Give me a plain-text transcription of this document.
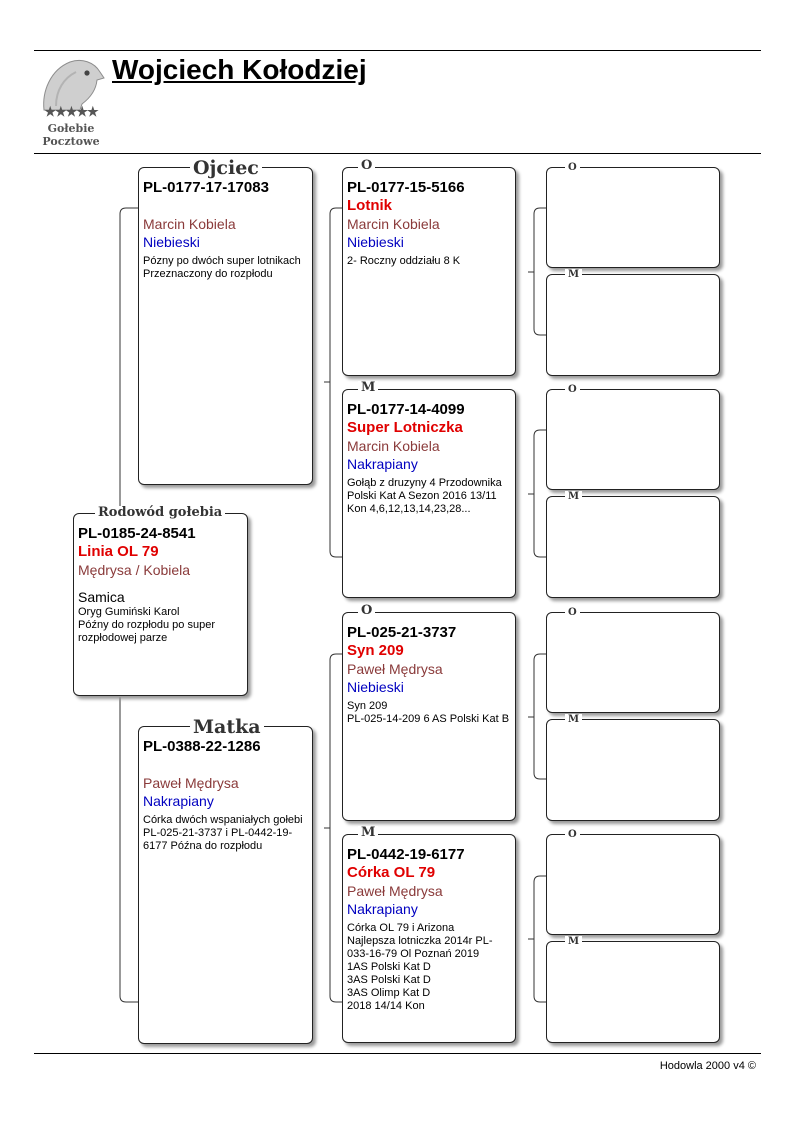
★★★★★
Gołebie
Pocztowe
Wojciech Kołodziej
PL-0185-24-8541
Linia OL 79
Mędrysa / Kobiela
Samica
Oryg Gumiński Karol
Późny do rozpłodu po super rozpłodowej parze
Rodowód gołebia
PL-0177-17-17083
Marcin Kobiela
Niebieski
Pózny po dwóch super lotnikach Przeznaczony do rozpłodu
Ojciec
PL-0388-22-1286
Paweł Mędrysa
Nakrapiany
Córka dwóch wspaniałych gołebi PL-025-21-3737 i PL-0442-19-6177 Późna do rozpłodu
Matka
PL-0177-15-5166
Lotnik
Marcin Kobiela
Niebieski
2- Roczny oddziału 8 K
O
PL-0177-14-4099
Super Lotniczka
Marcin Kobiela
Nakrapiany
Gołąb z druzyny 4 Przodownika
Polski Kat A Sezon 2016 13/11 Kon 4,6,12,13,14,23,28...
M
PL-025-21-3737
Syn 209
Paweł Mędrysa
Niebieski
Syn 209
PL-025-14-209 6 AS Polski Kat B
O
PL-0442-19-6177
Córka OL 79
Paweł Mędrysa
Nakrapiany
Córka OL 79 i Arizona
Najlepsza lotniczka 2014r PL-033-16-79 Ol Poznań 2019
1AS Polski Kat D
3AS Polski Kat D
3AS Olimp Kat D
2018 14/14 Kon
M
O
M
O
M
O
M
O
M
Hodowla 2000 v4 ©
